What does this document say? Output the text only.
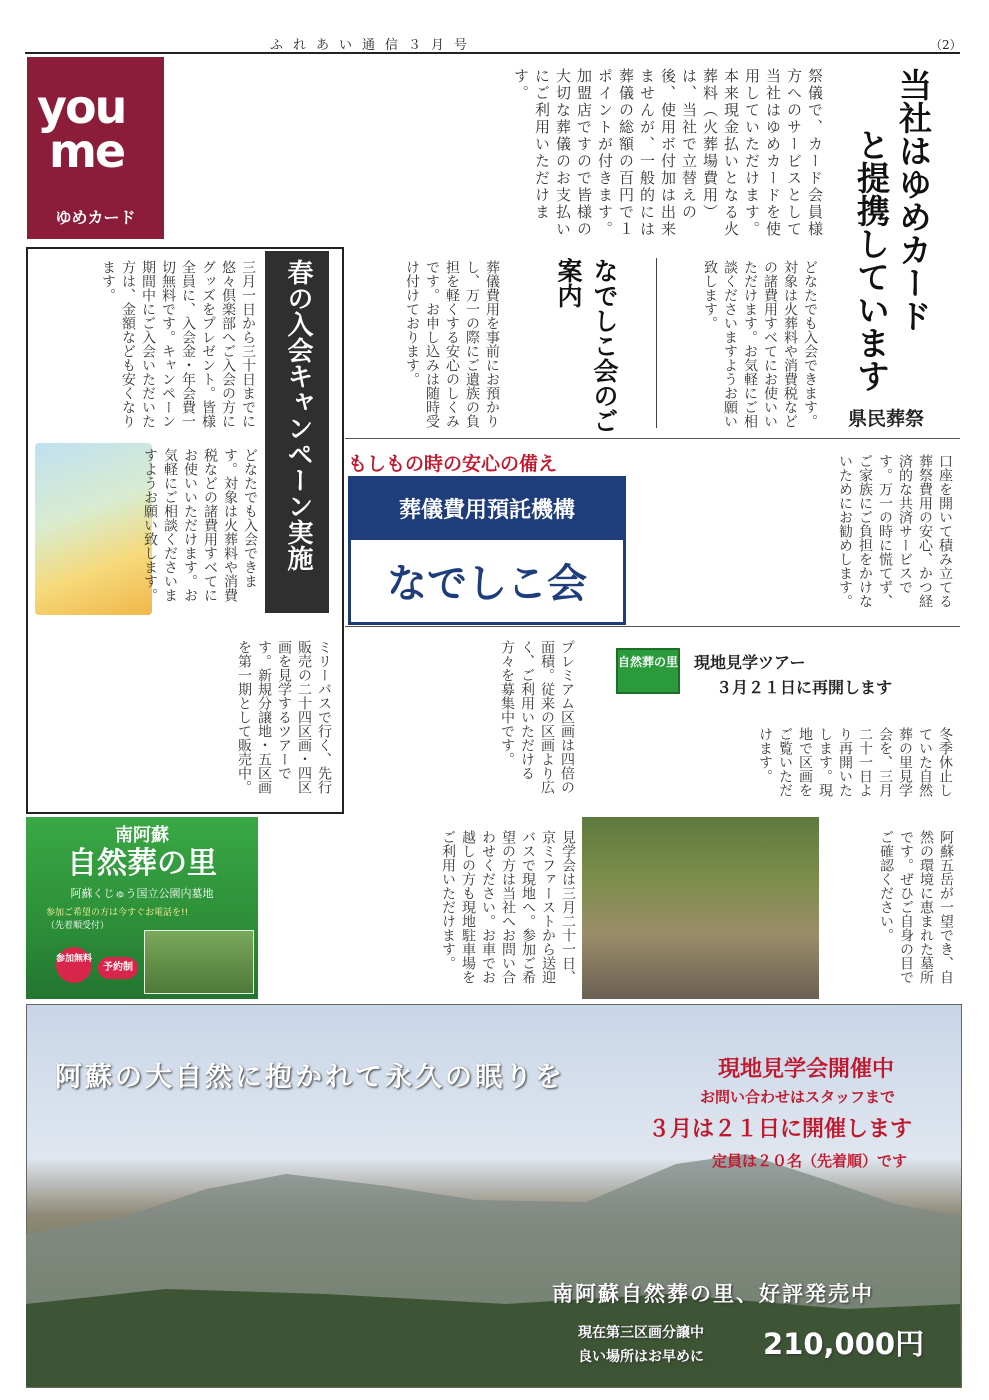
ふれあい通信３月号	（2）
you
me
ゆめカード	祭儀で、カード会員様方へのサービスとして当社はゆめカードを使用していただけます。本来現金払いとなる火葬料（火葬場費用）は、当社で立替えの後、使用ボ付加は出来ませんが、一般的には葬儀の総額の百円で１ポイントが付きます。加盟店ですので皆様の大切な葬儀のお支払いにご利用いただけます。	当社はゆめカード
と提携しています
県民葬祭
春の入会キャンペーン実施
三月一日から三十日までに悠々倶楽部へご入会の方にグッズをプレゼント。皆様全員に、入会金・年会費一切無料です。キャンペーン期間中にご入会いただいた方は、金額なども安くなります。
どなたでも入会できます。対象は火葬料や消費税などの諸費用すべてにお使いいただけます。お気軽にご相談くださいますようお願い致します。
ミリーバスで行く、先行販売の二十四区画・四区画を見学するツアーです。新規分譲地・五区画を第一期として販売中。
葬儀費用を事前にお預かりし、万一の際にご遺族の負担を軽くする安心のしくみです。お申し込みは随時受け付けております。	なでしこ会のご案内	どなたでも入会できます。対象は火葬料や消費税などの諸費用すべてにお使いいただけます。お気軽にご相談くださいますようお願い致します。
もしもの時の安心の備え
葬儀費用預託機構
なでしこ会	口座を開いて積み立てる葬祭費用の安心、かつ経済的な共済サービスです。万一の時に慌てず、ご家族にご負担をかけないためにお勧めします。
プレミアム区画は四倍の面積。従来の区画より広く、ご利用いただける方々を募集中です。	自然葬の里 現地見学ツアー
３月２１日に再開します
冬季休止していた自然葬の里見学会を、三月二十一日より再開いたします。現地で区画をご覧いただけます。
南阿蘇
自然葬の里
阿蘇くじゅう国立公園内墓地
参加ご希望の方は今すぐお電話を!!
（先着順受付）
参加無料
予約制	見学会は三月二十一日、京ミファーストから送迎バスで現地へ。参加ご希望の方は当社へお問い合わせください。お車でお越しの方も現地駐車場をご利用いただけます。	阿蘇五岳が一望でき、自然の環境に恵まれた墓所です。ぜひご自身の目でご確認ください。
阿蘇の大自然に抱かれて永久の眠りを	現地見学会開催中
お問い合わせはスタッフまで
３月は２１日に開催します
定員は２０名（先着順）です
南阿蘇自然葬の里、好評発売中
現在第三区画分譲中
良い場所はお早めに 210,000円
